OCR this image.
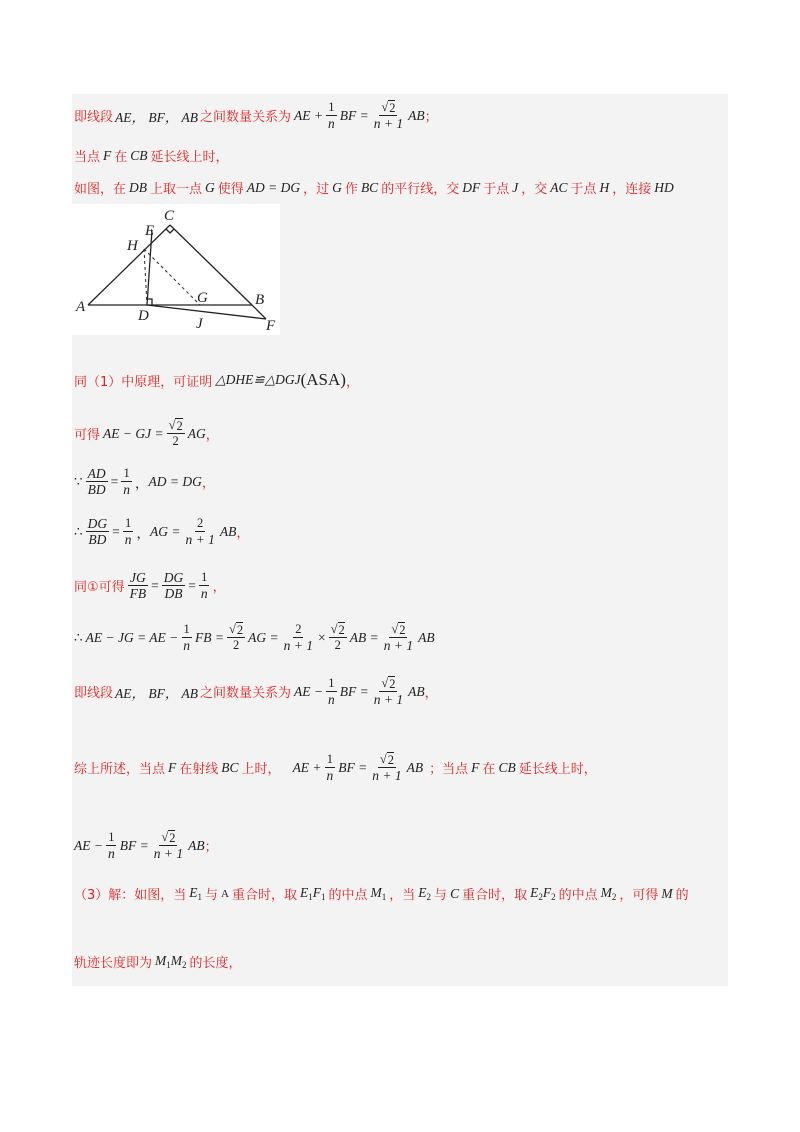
即线段 AE， BF， AB 之间数量关系为 AE + $\frac{1}{n}$ BF = $\frac{√ 2}{n + 1}$ AB ；
当点 F 在 CB 延长线上时，
如图，在 DB 上取一点 G 使得 AD = DG ，过 G 作 BC 的平行线，交 DF 于点 J ，交 AC 于点 H ，连接 HD
A	B
C
D
E
F
G
H
J
同（1）中原理，可证明 △DHE≌△DGJ (ASA) ，
可得 AE − GJ = $\frac{√ 2}{2}$ AG ，
∵ $\frac{AD}{BD} = \frac{1}{n}$ ， AD = DG ，
∴ $\frac{DG}{BD} = \frac{1}{n}$ ， AG = $\frac{2}{n + 1}$ AB ，
同①可得 $\frac{JG}{FB} = \frac{DG}{DB} = \frac{1}{n}$ ，
∴ AE − JG = AE − $\frac{1}{n}$ FB = $\frac{√ 2}{2}$ AG = $\frac{2}{n + 1} \times \frac{√ 2}{2}$ AB = $\frac{√ 2}{n + 1}$ AB
即线段 AE， BF， AB 之间数量关系为 AE − $\frac{1}{n}$ BF = $\frac{√ 2}{n + 1}$ AB ，
综上所述，当点 F 在射线 BC 上时， AE + $\frac{1}{n}$ BF = $\frac{√ 2}{n + 1}$ AB ；当点 F 在 CB 延长线上时，
AE − $\frac{1}{n}$ BF = $\frac{√ 2}{n + 1}$ AB ；
（3）解：如图，当 $E_1$ 与 A 重合时，取 $E_1F_1$ 的中点 $M_1$ ，当 $E_2$ 与 C 重合时，取 $E_2F_2$ 的中点 $M_2$ ，可得 M 的
轨迹长度即为 $M_1M_2$ 的长度，
